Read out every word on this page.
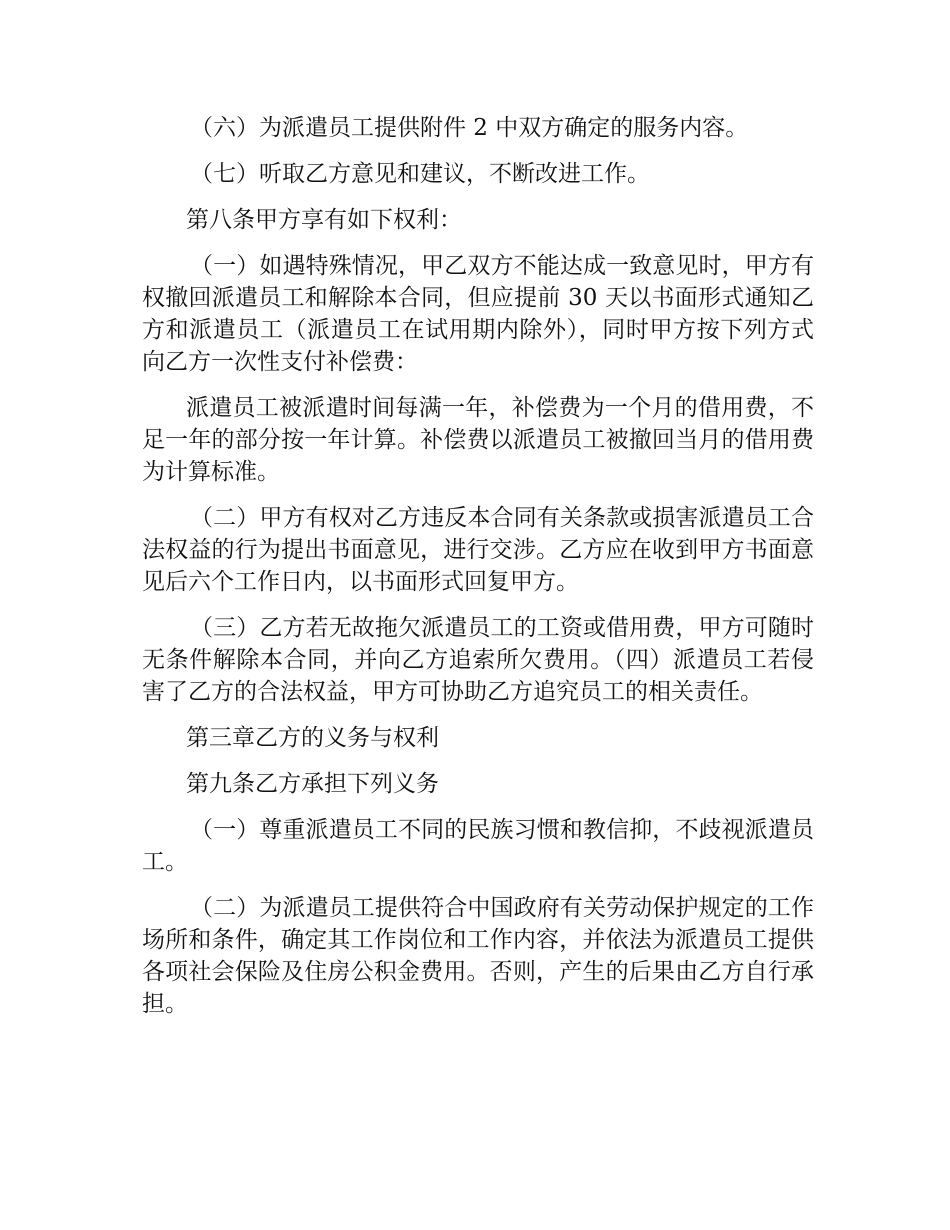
（六）为派遣员工提供附件 2 中双方确定的服务内容。

（七）听取乙方意见和建议，不断改进工作。

第八条甲方享有如下权利：

（一）如遇特殊情况，甲乙双方不能达成一致意见时，甲方有权撤回派遣员工和解除本合同，但应提前 30 天以书面形式通知乙方和派遣员工（派遣员工在试用期内除外），同时甲方按下列方式向乙方一次性支付补偿费：

派遣员工被派遣时间每满一年，补偿费为一个月的借用费，不足一年的部分按一年计算。补偿费以派遣员工被撤回当月的借用费为计算标准。

（二）甲方有权对乙方违反本合同有关条款或损害派遣员工合法权益的行为提出书面意见，进行交涉。乙方应在收到甲方书面意见后六个工作日内，以书面形式回复甲方。

（三）乙方若无故拖欠派遣员工的工资或借用费，甲方可随时无条件解除本合同，并向乙方追索所欠费用。（四）派遣员工若侵害了乙方的合法权益，甲方可协助乙方追究员工的相关责任。

第三章乙方的义务与权利

第九条乙方承担下列义务

（一）尊重派遣员工不同的民族习惯和教信抑，不歧视派遣员工。

（二）为派遣员工提供符合中国政府有关劳动保护规定的工作场所和条件，确定其工作岗位和工作内容，并依法为派遣员工提供各项社会保险及住房公积金费用。否则，产生的后果由乙方自行承担。
